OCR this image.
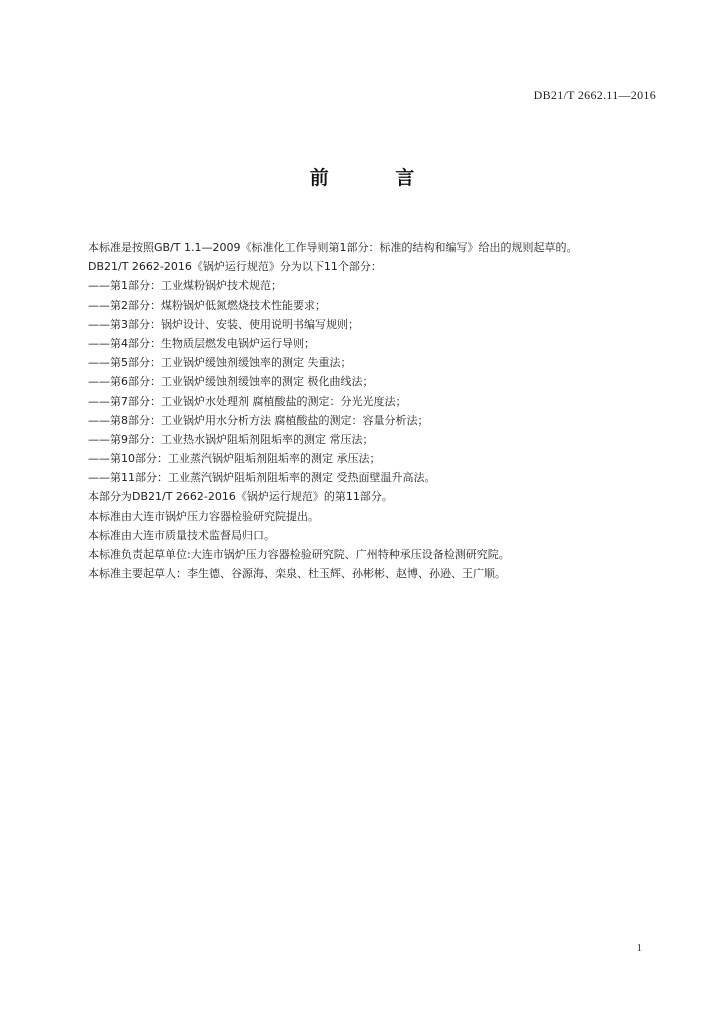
DB21/T 2662.11—2016
前 言
本标准是按照GB/T 1.1—2009《标准化工作导则第1部分：标准的结构和编写》给出的规则起草的。
DB21/T 2662-2016《锅炉运行规范》分为以下11个部分：
——第1部分：工业煤粉锅炉技术规范；
——第2部分：煤粉锅炉低氮燃烧技术性能要求；
——第3部分：锅炉设计、安装、使用说明书编写规则；
——第4部分：生物质层燃发电锅炉运行导则；
——第5部分：工业锅炉缓蚀剂缓蚀率的测定 失重法；
——第6部分：工业锅炉缓蚀剂缓蚀率的测定 极化曲线法；
——第7部分：工业锅炉水处理剂 腐植酸盐的测定：分光光度法；
——第8部分：工业锅炉用水分析方法 腐植酸盐的测定：容量分析法；
——第9部分：工业热水锅炉阻垢剂阻垢率的测定 常压法；
——第10部分：工业蒸汽锅炉阻垢剂阻垢率的测定 承压法；
——第11部分：工业蒸汽锅炉阻垢剂阻垢率的测定 受热面壁温升高法。
本部分为DB21/T 2662-2016《锅炉运行规范》的第11部分。
本标准由大连市锅炉压力容器检验研究院提出。
本标准由大连市质量技术监督局归口。
本标准负责起草单位:大连市锅炉压力容器检验研究院、广州特种承压设备检测研究院。
本标准主要起草人：李生德、谷源海、栾泉、杜玉辉、孙彬彬、赵博、孙逊、王广顺。
1
